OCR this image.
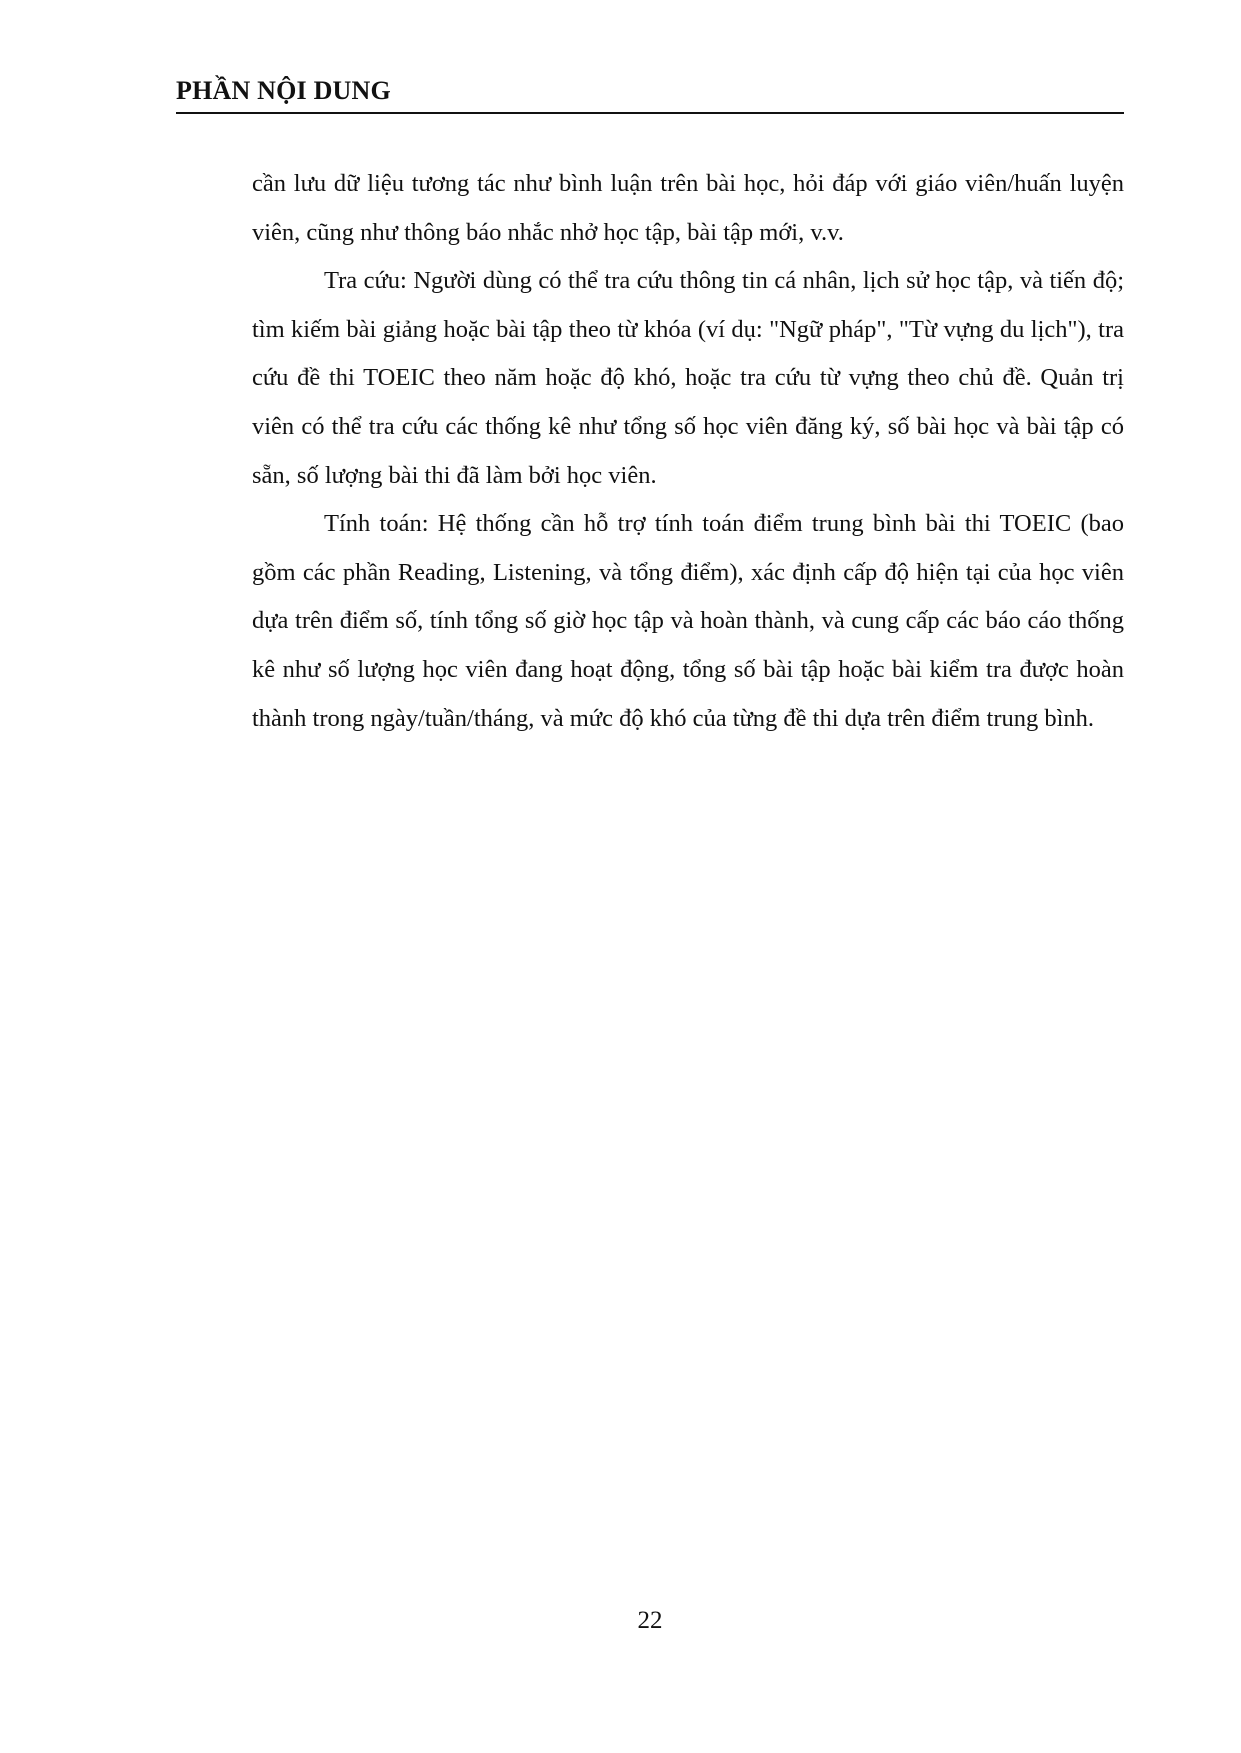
PHẦN NỘI DUNG

cần lưu dữ liệu tương tác như bình luận trên bài học, hỏi đáp với giáo viên/huấn luyện viên, cũng như thông báo nhắc nhở học tập, bài tập mới, v.v.

Tra cứu: Người dùng có thể tra cứu thông tin cá nhân, lịch sử học tập, và tiến độ; tìm kiếm bài giảng hoặc bài tập theo từ khóa (ví dụ: "Ngữ pháp", "Từ vựng du lịch"), tra cứu đề thi TOEIC theo năm hoặc độ khó, hoặc tra cứu từ vựng theo chủ đề. Quản trị viên có thể tra cứu các thống kê như tổng số học viên đăng ký, số bài học và bài tập có sẵn, số lượng bài thi đã làm bởi học viên.

Tính toán: Hệ thống cần hỗ trợ tính toán điểm trung bình bài thi TOEIC (bao gồm các phần Reading, Listening, và tổng điểm), xác định cấp độ hiện tại của học viên dựa trên điểm số, tính tổng số giờ học tập và hoàn thành, và cung cấp các báo cáo thống kê như số lượng học viên đang hoạt động, tổng số bài tập hoặc bài kiểm tra được hoàn thành trong ngày/tuần/tháng, và mức độ khó của từng đề thi dựa trên điểm trung bình.

22
